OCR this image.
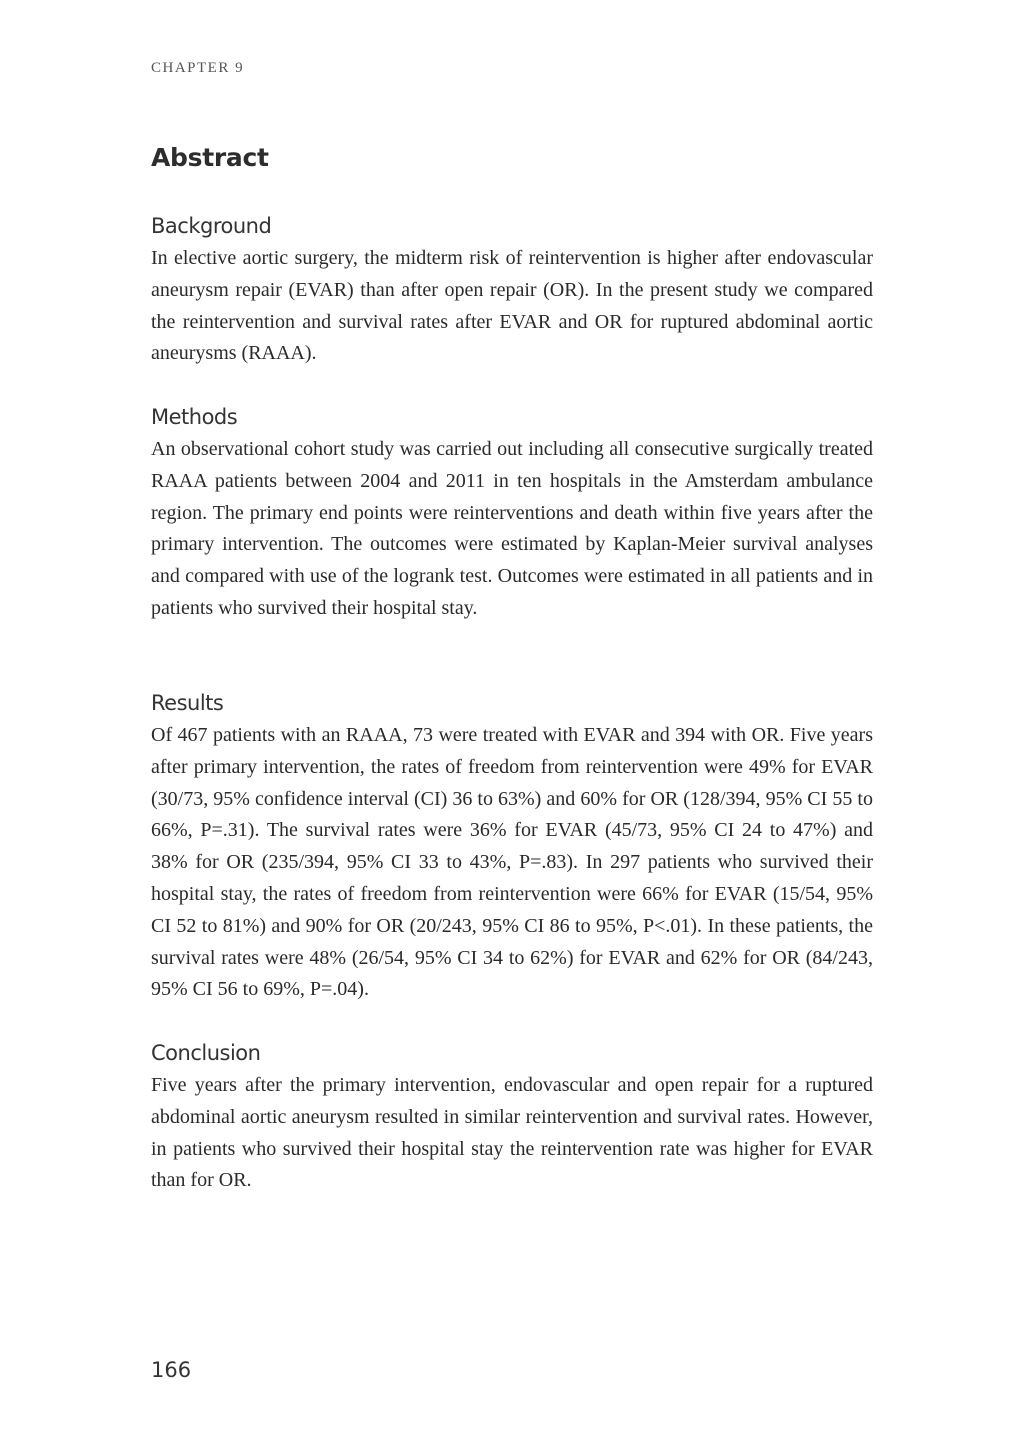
CHAPTER 9
Abstract
Background

In elective aortic surgery, the midterm risk of reintervention is higher after endovascular aneurysm repair (EVAR) than after open repair (OR). In the present study we compared the reintervention and survival rates after EVAR and OR for ruptured abdominal aortic aneurysms (RAAA).

Methods

An observational cohort study was carried out including all consecutive surgically treated RAAA patients between 2004 and 2011 in ten hospitals in the Amsterdam ambulance region. The primary end points were reinterventions and death within five years after the primary intervention. The outcomes were estimated by Kaplan-Meier survival analyses and compared with use of the logrank test. Outcomes were estimated in all patients and in patients who survived their hospital stay.

Results

Of 467 patients with an RAAA, 73 were treated with EVAR and 394 with OR. Five years after primary intervention, the rates of freedom from reintervention were 49% for EVAR (30/73, 95% confidence interval (CI) 36 to 63%) and 60% for OR (128/394, 95% CI 55 to 66%, P=.31). The survival rates were 36% for EVAR (45/73, 95% CI 24 to 47%) and 38% for OR (235/394, 95% CI 33 to 43%, P=.83). In 297 patients who survived their hospital stay, the rates of freedom from reintervention were 66% for EVAR (15/54, 95% CI 52 to 81%) and 90% for OR (20/243, 95% CI 86 to 95%, P<.01). In these patients, the survival rates were 48% (26/54, 95% CI 34 to 62%) for EVAR and 62% for OR (84/243, 95% CI 56 to 69%, P=.04).

Conclusion

Five years after the primary intervention, endovascular and open repair for a ruptured abdominal aortic aneurysm resulted in similar reintervention and survival rates. However, in patients who survived their hospital stay the reintervention rate was higher for EVAR than for OR.

166
